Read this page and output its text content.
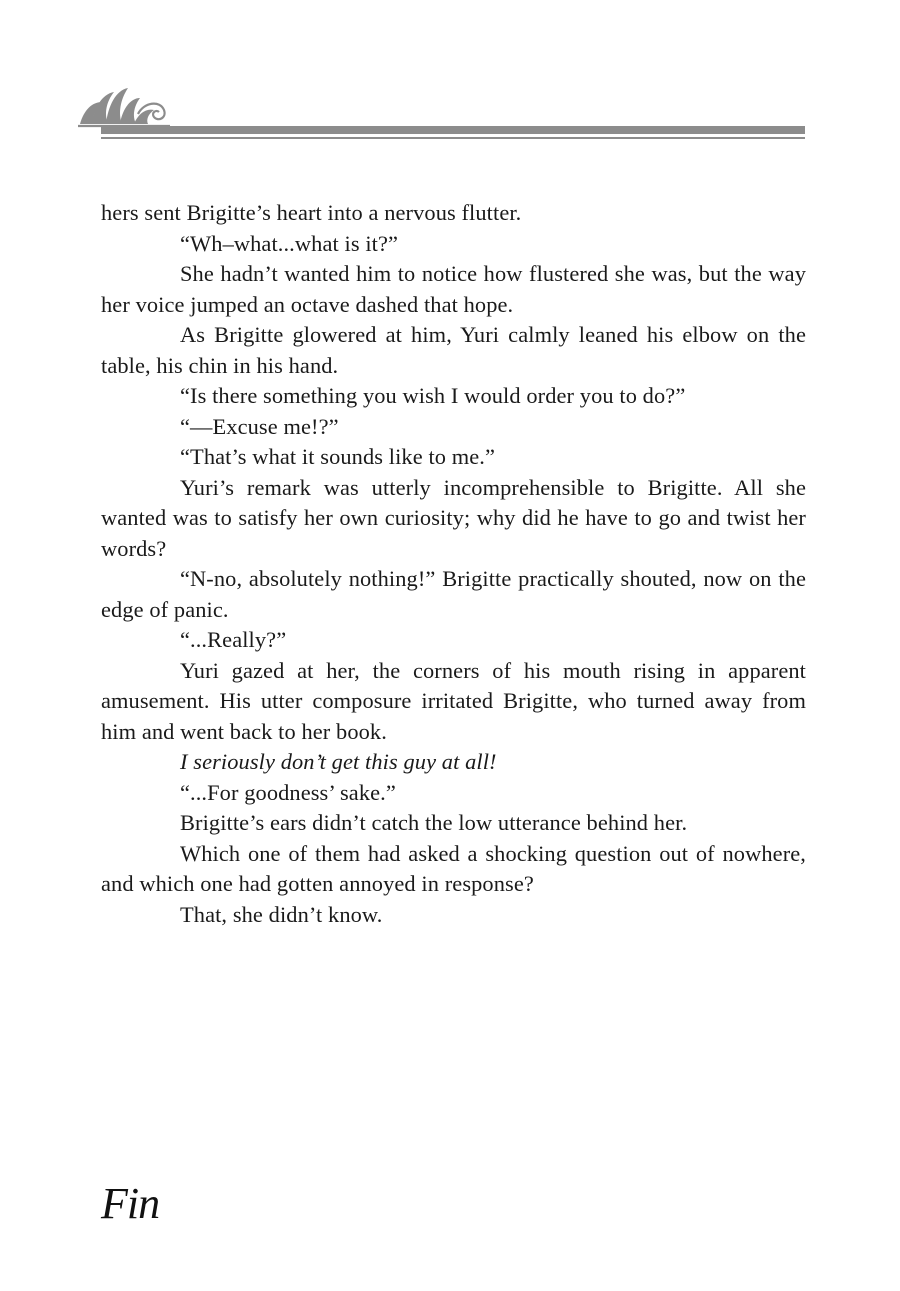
hers sent Brigitte’s heart into a nervous flutter.

“Wh–what...what is it?”

She hadn’t wanted him to notice how flustered she was, but the way her voice jumped an octave dashed that hope.

As Brigitte glowered at him, Yuri calmly leaned his elbow on the table, his chin in his hand.

“Is there something you wish I would order you to do?”

“—Excuse me!?”

“That’s what it sounds like to me.”

Yuri’s remark was utterly incomprehensible to Brigitte. All she wanted was to satisfy her own curiosity; why did he have to go and twist her words?

“N-no, absolutely nothing!” Brigitte practically shouted, now on the edge of panic.

“...Really?”

Yuri gazed at her, the corners of his mouth rising in apparent amusement. His utter composure irritated Brigitte, who turned away from him and went back to her book.

I seriously don’t get this guy at all!

“...For goodness’ sake.”

Brigitte’s ears didn’t catch the low utterance behind her.

Which one of them had asked a shocking question out of nowhere, and which one had gotten annoyed in response?

That, she didn’t know.

Fin
